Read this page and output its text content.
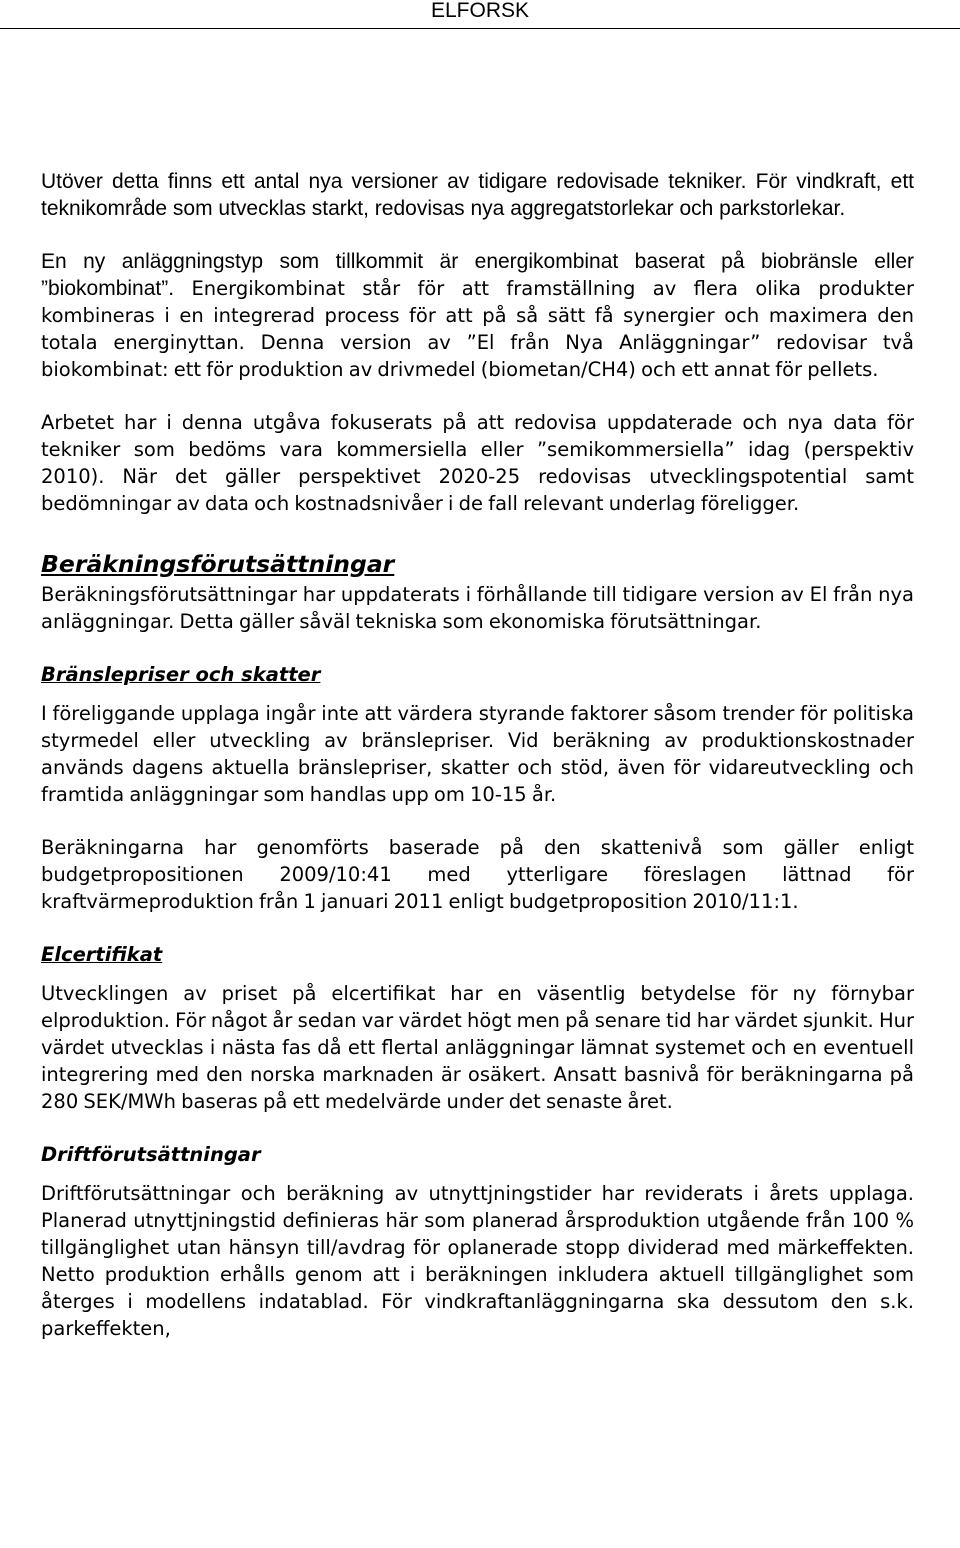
ELFORSK

Utöver detta finns ett antal nya versioner av tidigare redovisade tekniker. För vindkraft, ett teknikområde som utvecklas starkt, redovisas nya aggregatstorlekar och parkstorlekar.

En ny anläggningstyp som tillkommit är energikombinat baserat på biobränsle eller ”biokombinat”. Energikombinat står för att framställning av flera olika produkter kombineras i en integrerad process för att på så sätt få synergier och maximera den totala energinyttan. Denna version av ”El från Nya Anläggningar” redovisar två biokombinat: ett för produktion av drivmedel (biometan/CH4) och ett annat för pellets.

Arbetet har i denna utgåva fokuserats på att redovisa uppdaterade och nya data för tekniker som bedöms vara kommersiella eller ”semikommersiella” idag (perspektiv 2010). När det gäller perspektivet 2020-25 redovisas utvecklingspotential samt bedömningar av data och kostnadsnivåer i de fall relevant underlag föreligger.

Beräkningsförutsättningar

Beräkningsförutsättningar har uppdaterats i förhållande till tidigare version av El från nya anläggningar. Detta gäller såväl tekniska som ekonomiska förutsättningar.

Bränslepriser och skatter

I föreliggande upplaga ingår inte att värdera styrande faktorer såsom trender för politiska styrmedel eller utveckling av bränslepriser. Vid beräkning av produktionskostnader används dagens aktuella bränslepriser, skatter och stöd, även för vidareutveckling och framtida anläggningar som handlas upp om 10-15 år.

Beräkningarna har genomförts baserade på den skattenivå som gäller enligt budgetpropositionen 2009/10:41 med ytterligare föreslagen lättnad för kraftvärmeproduktion från 1 januari 2011 enligt budgetproposition 2010/11:1.

Elcertifikat

Utvecklingen av priset på elcertifikat har en väsentlig betydelse för ny förnybar elproduktion. För något år sedan var värdet högt men på senare tid har värdet sjunkit. Hur värdet utvecklas i nästa fas då ett flertal anläggningar lämnat systemet och en eventuell integrering med den norska marknaden är osäkert. Ansatt basnivå för beräkningarna på 280 SEK/MWh baseras på ett medelvärde under det senaste året.

Driftförutsättningar

Driftförutsättningar och beräkning av utnyttjningstider har reviderats i årets upplaga. Planerad utnyttjningstid definieras här som planerad årsproduktion utgående från 100 % tillgänglighet utan hänsyn till/avdrag för oplanerade stopp dividerad med märkeffekten. Netto produktion erhålls genom att i beräkningen inkludera aktuell tillgänglighet som återges i modellens indatablad. För vindkraftanläggningarna ska dessutom den s.k. parkeffekten,
